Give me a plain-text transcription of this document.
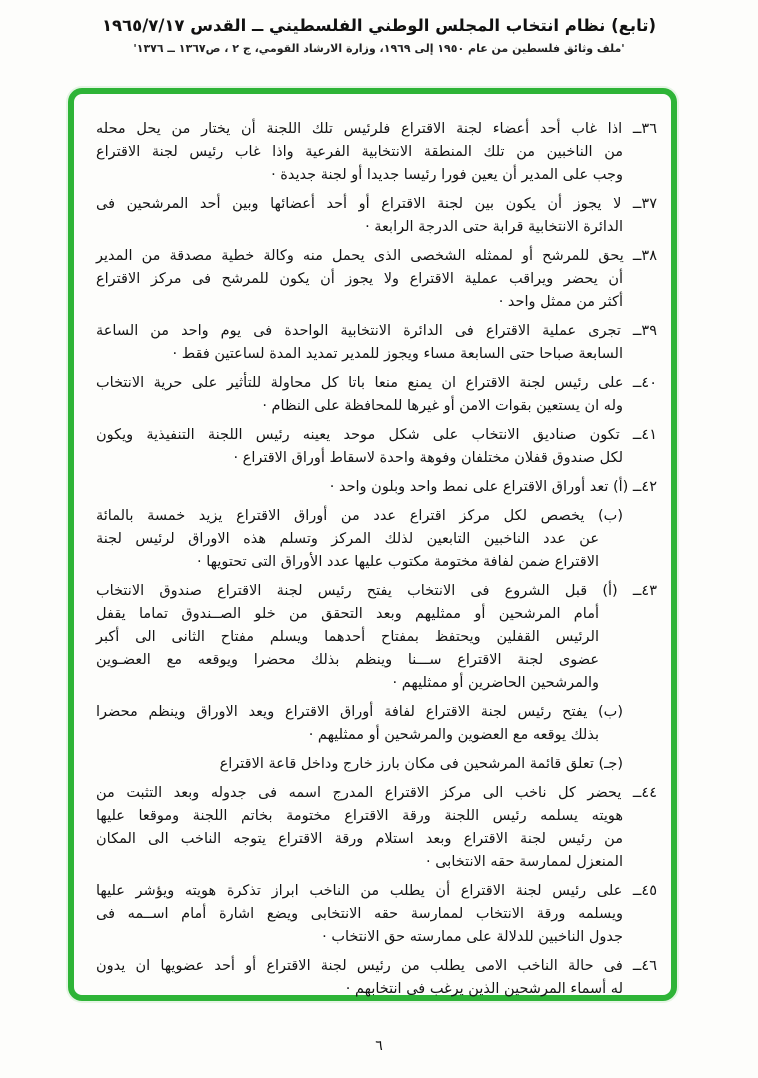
(تابع) نظام انتخاب المجلس الوطني الفلسطيني ــ القدس ١٩٦٥/٧/١٧
'ملف وثائق فلسطين من عام ١٩٥٠ إلى ١٩٦٩، وزارة الارشاد القومي، ج ٢ ، ص١٣٦٧ ــ ١٣٧٦'
٣٦ــ اذا غاب أحد أعضاء لجنة الاقتراع فلرئيس تلك اللجنة أن يختار من يحل محله
من الناخبين من تلك المنطقة الانتخابية الفرعية واذا غاب رئيس لجنة الاقتراع
وجب على المدير أن يعين فورا رئيسا جديدا أو لجنة جديدة ·
٣٧ــ لا يجوز أن يكون بين لجنة الاقتراع أو أحد أعضائها وبين أحد المرشحين فى
الدائرة الانتخابية قرابة حتى الدرجة الرابعة ·
٣٨ــ يحق للمرشح أو لممثله الشخصى الذى يحمل منه وكالة خطية مصدقة من المدير
أن يحضر ويراقب عملية الاقتراع ولا يجوز أن يكون للمرشح فى مركز الاقتراع
أكثر من ممثل واحد ·
٣٩ــ تجرى عملية الاقتراع فى الدائرة الانتخابية الواحدة فى يوم واحد من الساعة
السابعة صباحا حتى السابعة مساء ويجوز للمدير تمديد المدة لساعتين فقط ·
٤٠ــ على رئيس لجنة الاقتراع ان يمنع منعا باتا كل محاولة للتأثير على حرية الانتخاب
وله ان يستعين بقوات الامن أو غيرها للمحافظة على النظام ·
٤١ــ تكون صناديق الانتخاب على شكل موحد يعينه رئيس اللجنة التنفيذية ويكون
لكل صندوق قفلان مختلفان وفوهة واحدة لاسقاط أوراق الاقتراع ·
٤٢ــ (أ) تعد أوراق الاقتراع على نمط واحد وبلون واحد ·
(ب) يخصص لكل مركز اقتراع عدد من أوراق الاقتراع يزيد خمسة بالمائة
عن عدد الناخبين التابعين لذلك المركز وتسلم هذه الاوراق لرئيس لجنة
الاقتراع ضمن لفافة مختومة مكتوب عليها عدد الأوراق التى تحتويها ·
٤٣ــ (أ) قبل الشروع فى الانتخاب يفتح رئيس لجنة الاقتراع صندوق الانتخاب
أمام المرشحين أو ممثليهم وبعد التحقق من خلو الصــندوق تماما يقفل
الرئيس القفلين ويحتفظ بمفتاح أحدهما ويسلم مفتاح الثانى الى أكبر
عضوى لجنة الاقتراع ســـنا وينظم بذلك محضرا ويوقعه مع العضـوين
والمرشحين الحاضرين أو ممثليهم ·
(ب) يفتح رئيس لجنة الاقتراع لفافة أوراق الاقتراع ويعد الاوراق وينظم محضرا
بذلك يوقعه مع العضوين والمرشحين أو ممثليهم ·
(جـ) تعلق قائمة المرشحين فى مكان بارز خارج وداخل قاعة الاقتراع
٤٤ــ يحضر كل ناخب الى مركز الاقتراع المدرج اسمه فى جدوله وبعد التثبت من
هويته يسلمه رئيس اللجنة ورقة الاقتراع مختومة بخاتم اللجنة وموقعا عليها
من رئيس لجنة الاقتراع وبعد استلام ورقة الاقتراع يتوجه الناخب الى المكان
المنعزل لممارسة حقه الانتخابى ·
٤٥ــ على رئيس لجنة الاقتراع أن يطلب من الناخب ابراز تذكرة هويته ويؤشر عليها
ويسلمه ورقة الانتخاب لممارسة حقه الانتخابى ويضع اشارة أمام اســمه فى
جدول الناخبين للدلالة على ممارسته حق الانتخاب ·
٤٦ــ فى حالة الناخب الامى يطلب من رئيس لجنة الاقتراع أو أحد عضويها ان يدون
له أسماء المرشحين الذين يرغب فى انتخابهم ·
٦
